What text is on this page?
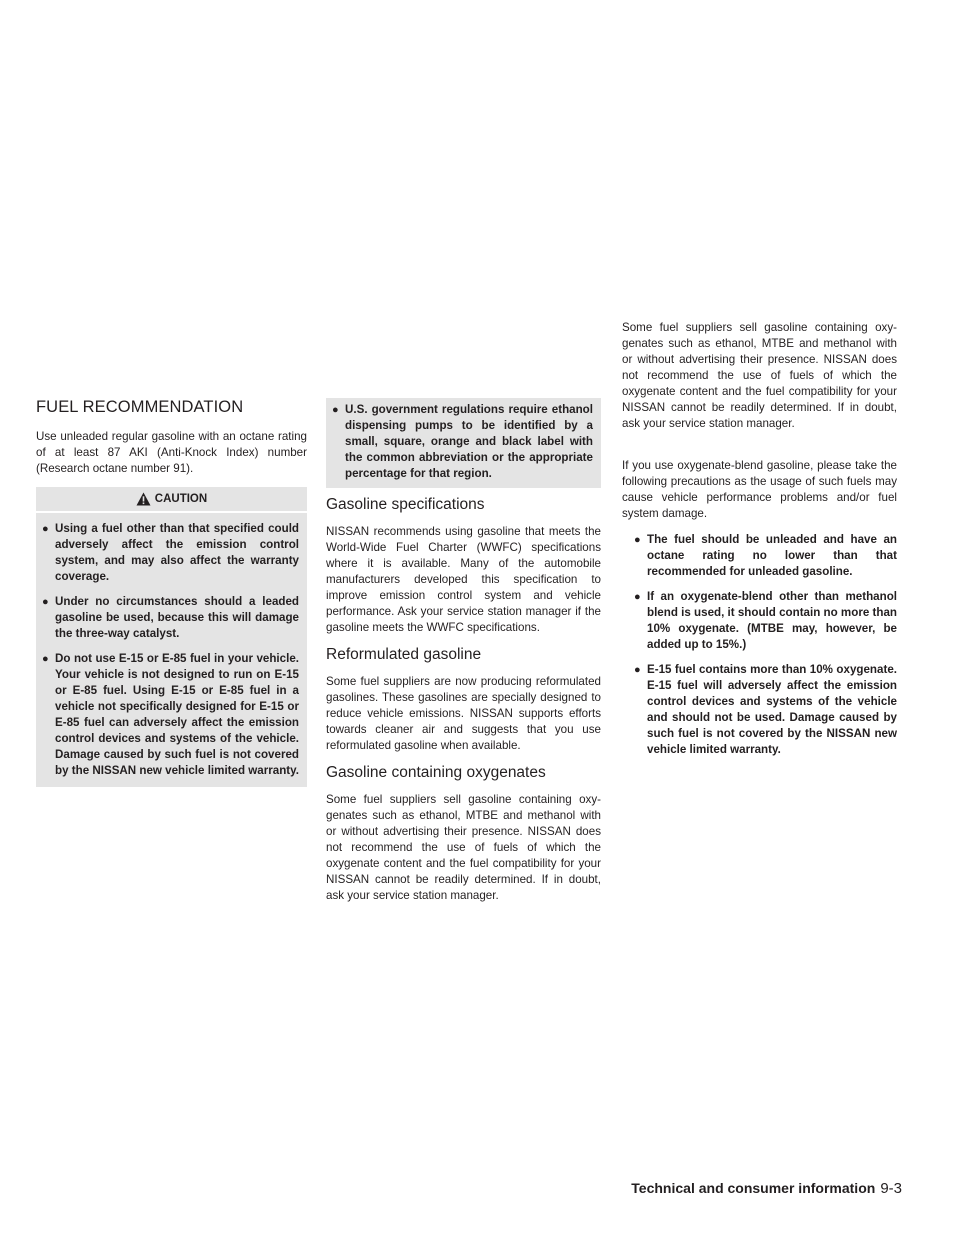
FUEL RECOMMENDATION

Use unleaded regular gasoline with an octane rating of at least 87 AKI (Anti-Knock Index) number (Research octane number 91).

CAUTION
● Using a fuel other than that specified could adversely affect the emission control system, and may also affect the warranty coverage.
● Under no circumstances should a leaded gasoline be used, because this will damage the three-way catalyst.
● Do not use E-15 or E-85 fuel in your vehicle. Your vehicle is not designed to run on E-15 or E-85 fuel. Using E-15 or E-85 fuel in a vehicle not specifically designed for E-15 or E-85 fuel can adversely affect the emission control devices and systems of the vehicle. Damage caused by such fuel is not covered by the NISSAN new vehicle limited warranty.
● U.S. government regulations require ethanol dispensing pumps to be identified by a small, square, orange and black label with the common abbreviation or the appropriate percentage for that region.
Gasoline specifications

NISSAN recommends using gasoline that meets the World-Wide Fuel Charter (WWFC) specifications where it is available. Many of the automobile manufacturers developed this specification to improve emission control system and vehicle performance. Ask your service station manager if the gasoline meets the WWFC specifications.

Reformulated gasoline

Some fuel suppliers are now producing reformulated gasolines. These gasolines are specially designed to reduce vehicle emissions. NISSAN supports efforts towards cleaner air and suggests that you use reformulated gasoline when available.

Gasoline containing oxygenates

Some fuel suppliers sell gasoline containing oxygenates such as ethanol, MTBE and methanol with or without advertising their presence. NISSAN does not recommend the use of fuels of which the oxygenate content and the fuel compatibility for your NISSAN cannot be readily determined. If in doubt, ask your service station manager.

Some fuel suppliers sell gasoline containing oxygenates such as ethanol, MTBE and methanol with or without advertising their presence. NISSAN does not recommend the use of fuels of which the oxygenate content and the fuel compatibility for your NISSAN cannot be readily determined. If in doubt, ask your service station manager.

If you use oxygenate-blend gasoline, please take the following precautions as the usage of such fuels may cause vehicle performance problems and/or fuel system damage.

● The fuel should be unleaded and have an octane rating no lower than that recommended for unleaded gasoline.
● If an oxygenate-blend other than methanol blend is used, it should contain no more than 10% oxygenate. (MTBE may, however, be added up to 15%.)
● E-15 fuel contains more than 10% oxygenate. E-15 fuel will adversely affect the emission control devices and systems of the vehicle and should not be used. Damage caused by such fuel is not covered by the NISSAN new vehicle limited warranty.
Technical and consumer information 9-3
